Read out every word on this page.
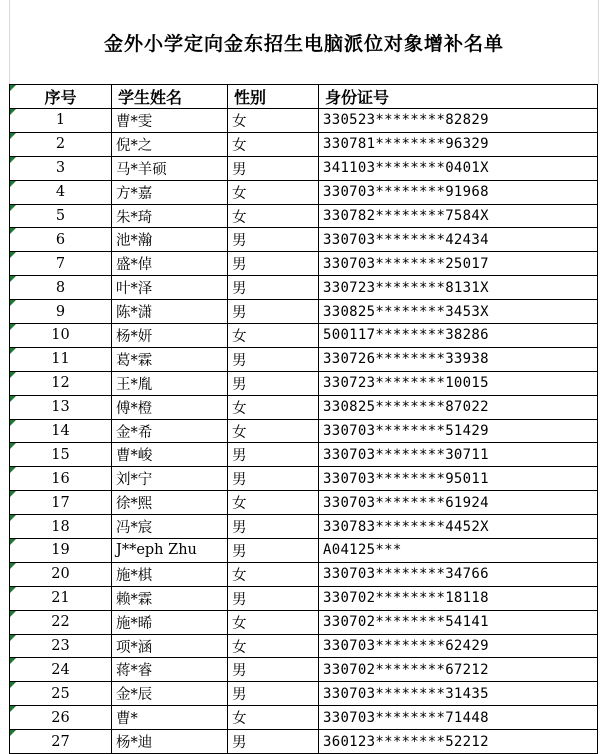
金外小学定向金东招生电脑派位对象增补名单
序号	学生姓名	性别	身份证号

1	曹*雯	女	330523********82829

2	倪*之	女	330781********96329

3	马*羊硕	男	341103********0401X

4	方*嘉	女	330703********91968

5	朱*琦	女	330782********7584X

6	池*瀚	男	330703********42434

7	盛*倬	男	330703********25017

8	叶*泽	男	330723********8131X

9	陈*潇	男	330825********3453X

10	杨*妍	女	500117********38286

11	葛*霖	男	330726********33938

12	王*胤	男	330723********10015

13	傅*橙	女	330825********87022

14	金*希	女	330703********51429

15	曹*峻	男	330703********30711

16	刘*宁	男	330703********95011

17	徐*熙	女	330703********61924

18	冯*宸	男	330783********4452X

19	J**eph Zhu	男	A04125***

20	施*棋	女	330703********34766

21	赖*霖	男	330702********18118

22	施*晞	女	330702********54141

23	项*涵	女	330703********62429

24	蒋*睿	男	330702********67212

25	金*辰	男	330703********31435

26	曹*	女	330703********71448

27	杨*迪	男	360123********52212
